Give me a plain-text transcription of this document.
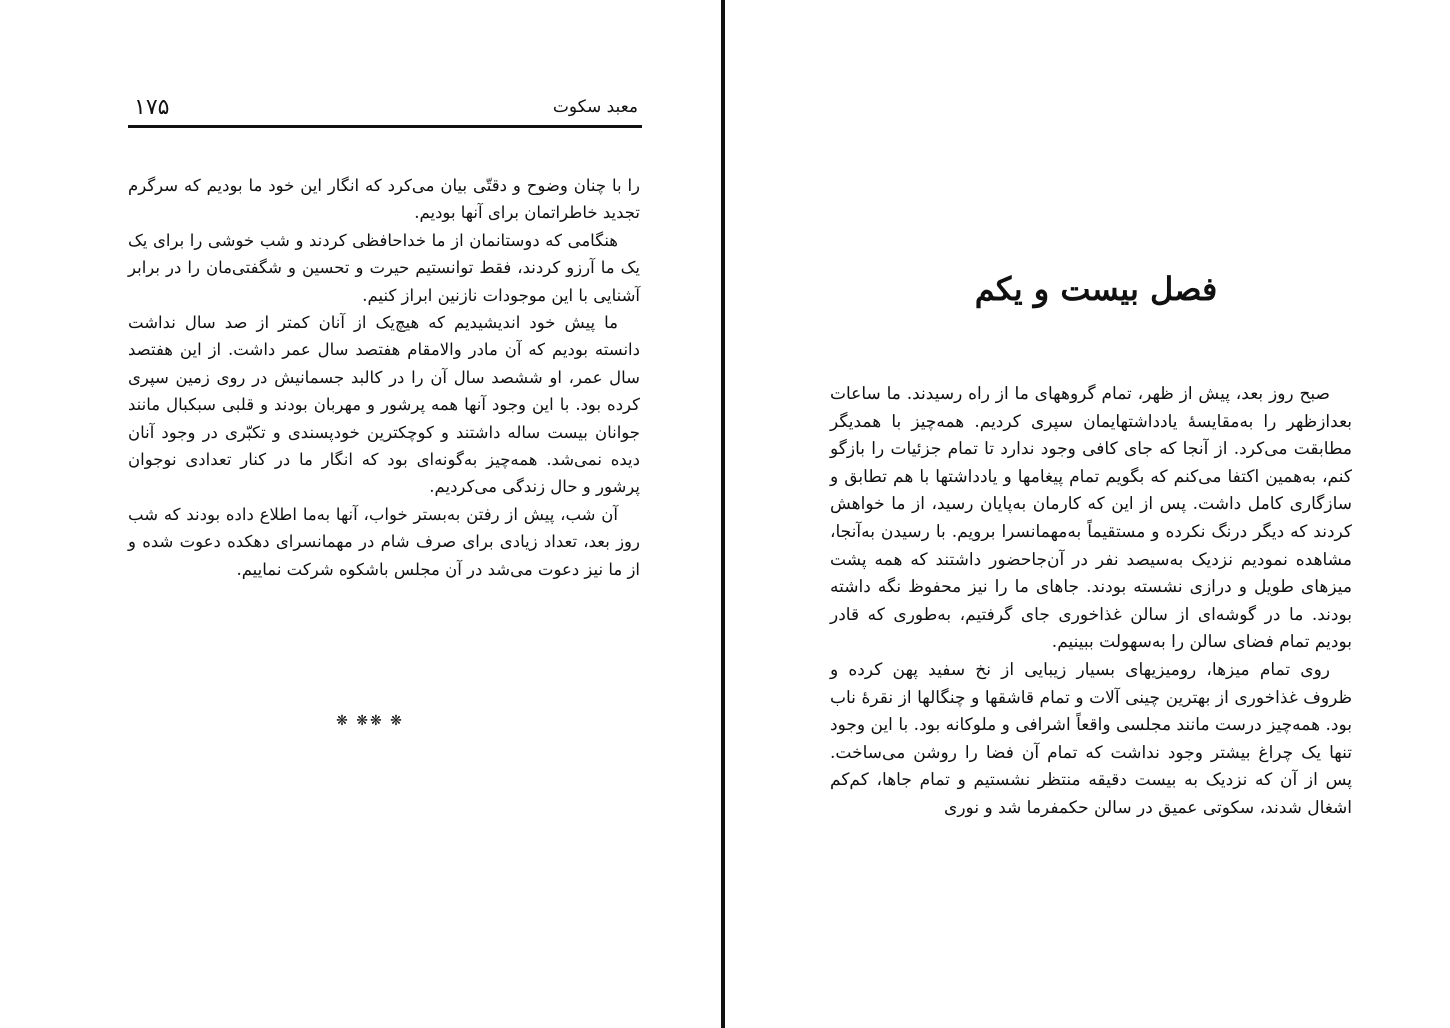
معبد سکوت
۱۷۵

را با چنان وضوح و دقتّی بیان می‌کرد که انگار این خود ما بودیم که سرگرم تجدید خاطراتمان برای آنها بودیم.

هنگامی که دوستانمان از ما خداحافظی کردند و شب خوشی را برای یک یک ما آرزو کردند، فقط توانستیم حیرت و تحسین و شگفتی‌مان را در برابر آشنایی با این موجودات نازنین ابراز کنیم.

ما پیش خود اندیشیدیم که هیچ‌یک از آنان کمتر از صد سال نداشت دانسته بودیم که آن مادر والامقام هفتصد سال عمر داشت. از این هفتصد سال عمر، او ششصد سال آن را در کالبد جسمانیش در روی زمین سپری کرده بود. با این وجود آنها همه پرشور و مهربان بودند و قلبی سبکبال مانند جوانان بیست ساله داشتند و کوچکترین خودپسندی و تکبّری در وجود آنان دیده نمی‌شد. همه‌چیز به‌گونه‌ای بود که انگار ما در کنار تعدادی نوجوان پرشور و حال زندگی می‌کردیم.

آن شب، پیش از رفتن به‌بستر خواب، آنها به‌ما اطلاع داده بودند که شب روز بعد، تعداد زیادی برای صرف شام در مهمانسرای دهکده دعوت شده و از ما نیز دعوت می‌شد در آن مجلس باشکوه شرکت نماییم.

❋ ❋❋ ❋
فصل بیست و یکم

صبح روز بعد، پیش از ظهر، تمام گروههای ما از راه رسیدند. ما ساعات بعدازظهر را به‌مقایسهٔ یادداشتهایمان سپری کردیم. همه‌چیز با همدیگر مطابقت می‌کرد. از آنجا که جای کافی وجود ندارد تا تمام جزئیات را بازگو کنم، به‌همین اکتفا می‌کنم که بگویم تمام پیغامها و یادداشتها با هم تطابق و سازگاری کامل داشت. پس از این که کارمان به‌پایان رسید، از ما خواهش کردند که دیگر درنگ نکرده و مستقیماً به‌مهمانسرا برویم. با رسیدن به‌آنجا، مشاهده نمودیم نزدیک به‌سیصد نفر در آن‌جاحضور داشتند که همه پشت میزهای طویل و درازی نشسته بودند. جاهای ما را نیز محفوظ نگه داشته بودند. ما در گوشه‌ای از سالن غذاخوری جای گرفتیم، به‌طوری که قادر بودیم تمام فضای سالن را به‌سهولت ببینیم.

روی تمام میزها، رومیزیهای بسیار زیبایی از نخ سفید پهن کرده و ظروف غذاخوری از بهترین چینی آلات و تمام قاشقها و چنگالها از نقرهٔ ناب بود. همه‌چیز درست مانند مجلسی واقعاً اشرافی و ملوکانه بود. با این وجود تنها یک چراغ بیشتر وجود نداشت که تمام آن فضا را روشن می‌ساخت. پس از آن که نزدیک به بیست دقیقه منتظر نشستیم و تمام جاها، کم‌کم اشغال شدند، سکوتی عمیق در سالن حکمفرما شد و نوری
